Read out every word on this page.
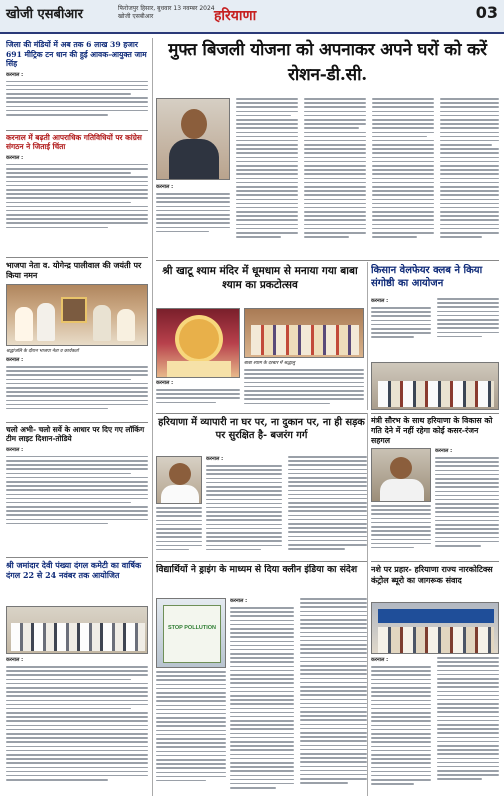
खोजी एसबीआर	फिरोजपुर हिसार, बुधवार 13 नवम्बर 2024
खोजी एसबीआर	हरियाणा	03
जिला की मंडियों में अब तक 6 लाख 39 हजार 691 मीट्रिक टन धान की हुई आवक-आयुक्त जाम सिंह
करनाल :
करनाल में बढ़ती आपराधिक गतिविधियों पर कांग्रेस संगठन ने जिताई चिंता
करनाल :
भाजपा नेता व. योगेन्द्र पालीवाल की जयंती पर किया नमन
श्रद्धांजलि के दौरान भाजपा नेता व कार्यकर्ता
करनाल :
चलो अभी- चलो सर्वे के आधार पर दिए गए लॉकिंग टीम लाइट दिशान-तोडिये
करनाल :
श्री जमांदार देवी पंख्या दंगल कमेटी का वार्षिक दंगल 22 से 24 नवंबर तक आयोजित
करनाल :
मुफ्त बिजली योजना को अपनाकर अपने घरों को करें रोशन-डी.सी.
करनाल :
श्री खाटू श्याम मंदिर में धूमधाम से मनाया गया बाबा श्याम का प्रकटोत्सव
बाबा श्याम के दरबार में श्रद्धालु
करनाल :
किसान वेलफेयर क्लब ने किया संगोष्ठी का आयोजन
करनाल :
मंत्री सौरभ के साथ हरियाणा के विकास को गति देने में नहीं रहेगा कोई कसर-रंजन सहगल
करनाल :
हरियाणा में व्यापारी ना घर पर, ना दुकान पर, ना ही सड़क पर सुरक्षित है- बजरंग गर्ग
करनाल :
विद्यार्थियों ने ड्राइंग के माध्यम से दिया क्लीन इंडिया का संदेश
STOP POLLUTION
करनाल :
नशे पर प्रहार- हरियाणा राज्य नारकोटिक्स कंट्रोल ब्यूरो का जागरूक संवाद
करनाल :
